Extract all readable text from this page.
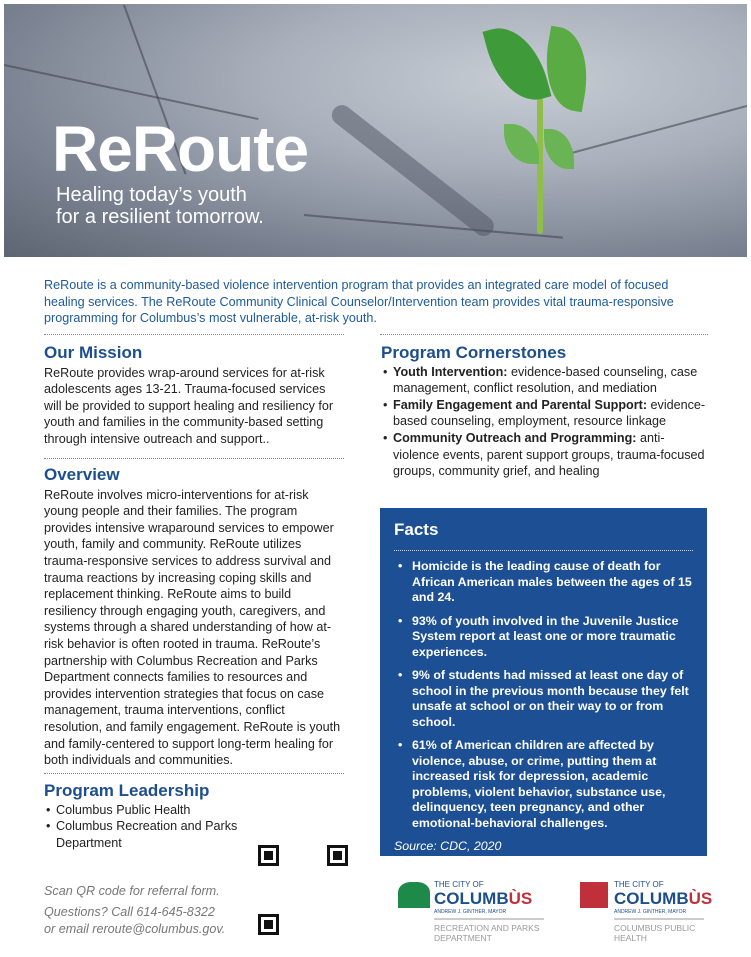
ReRoute
Healing today’s youth
for a resilient tomorrow.
ReRoute is a community-based violence intervention program that provides an integrated care model of focused healing services. The ReRoute Community Clinical Counselor/Intervention team provides vital trauma-responsive programming for Columbus’s most vulnerable, at-risk youth.
Our Mission

ReRoute provides wrap-around services for at-risk adolescents ages 13-21. Trauma-focused services will be provided to support healing and resiliency for youth and families in the community-based setting through intensive outreach and support..

Overview

ReRoute involves micro-interventions for at-risk young people and their families. The program provides intensive wraparound services to empower youth, family and community. ReRoute utilizes trauma-responsive services to address survival and trauma reactions by increasing coping skills and replacement thinking. ReRoute aims to build resiliency through engaging youth, caregivers, and systems through a shared understanding of how at-risk behavior is often rooted in trauma. ReRoute’s partnership with Columbus Recreation and Parks Department connects families to resources and provides intervention strategies that focus on case management, trauma interventions, conflict resolution, and family engagement. ReRoute is youth and family-centered to support long-term healing for both individuals and communities.

Program Leadership
• Columbus Public Health
• Columbus Recreation and Parks Department
Program Cornerstones
• Youth Intervention: evidence-based counseling, case management, conflict resolution, and mediation
• Family Engagement and Parental Support: evidence-based counseling, employment, resource linkage
• Community Outreach and Programming: anti-violence events, parent support groups, trauma-focused groups, community grief, and healing
Facts
• Homicide is the leading cause of death for African American males between the ages of 15 and 24.
• 93% of youth involved in the Juvenile Justice System report at least one or more traumatic experiences.
• 9% of students had missed at least one day of school in the previous month because they felt unsafe at school or on their way to or from school.
• 61% of American children are affected by violence, abuse, or crime, putting them at increased risk for depression, academic problems, violent behavior, substance use, delinquency, teen pregnancy, and other emotional-behavioral challenges.
Source: CDC, 2020
Scan QR code for referral form.
Questions? Call 614-645-8322
or email reroute@columbus.gov.
THE CITY OF
COLUMBÙS
ANDREW J. GINTHER, MAYOR
RECREATION AND PARKS DEPARTMENT
THE CITY OF
COLUMBÙS
ANDREW J. GINTHER, MAYOR
COLUMBUS PUBLIC HEALTH
